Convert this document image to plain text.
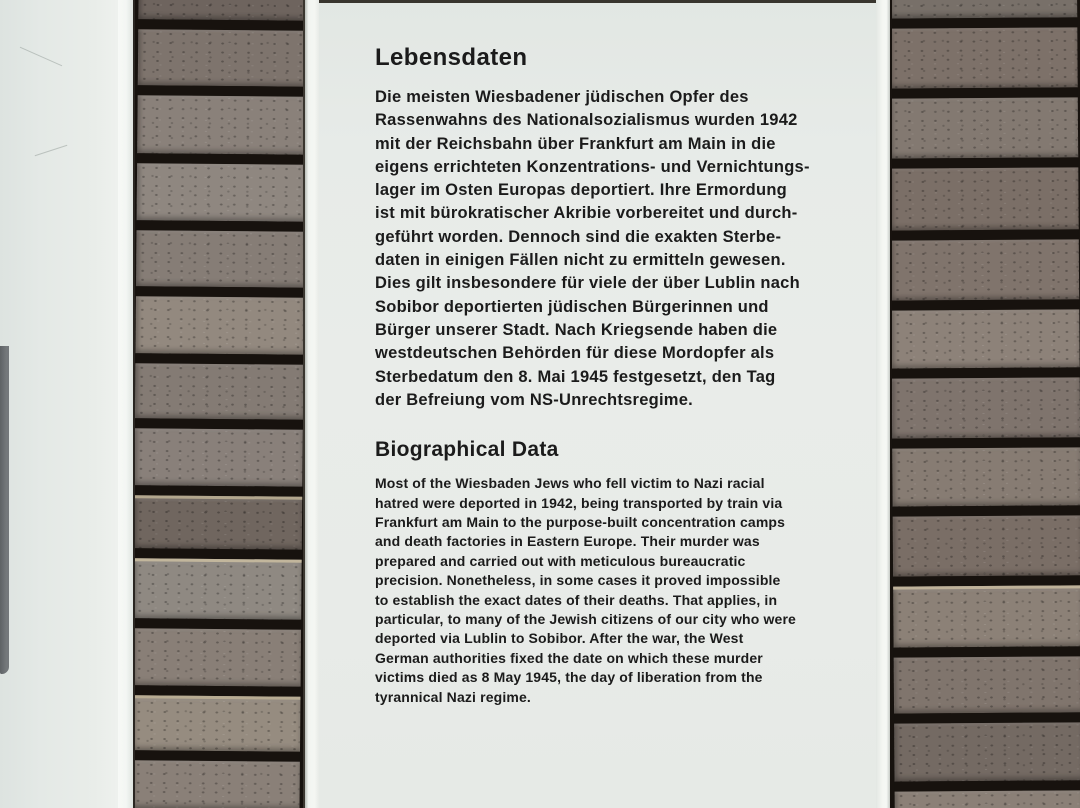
Lebensdaten
Die meisten Wiesbadener jüdischen Opfer des
Rassenwahns des Nationalsozialismus wurden 1942
mit der Reichsbahn über Frankfurt am Main in die
eigens errichteten Konzentrations- und Vernichtungs-
lager im Osten Europas deportiert. Ihre Ermordung
ist mit bürokratischer Akribie vorbereitet und durch-
geführt worden. Dennoch sind die exakten Sterbe-
daten in einigen Fällen nicht zu ermitteln gewesen.
Dies gilt insbesondere für viele der über Lublin nach
Sobibor deportierten jüdischen Bürgerinnen und
Bürger unserer Stadt. Nach Kriegsende haben die
westdeutschen Behörden für diese Mordopfer als
Sterbedatum den 8. Mai 1945 festgesetzt, den Tag
der Befreiung vom NS-Unrechtsregime.
Biographical Data
Most of the Wiesbaden Jews who fell victim to Nazi racial
hatred were deported in 1942, being transported by train via
Frankfurt am Main to the purpose-built concentration camps
and death factories in Eastern Europe. Their murder was
prepared and carried out with meticulous bureaucratic
precision. Nonetheless, in some cases it proved impossible
to establish the exact dates of their deaths. That applies, in
particular, to many of the Jewish citizens of our city who were
deported via Lublin to Sobibor. After the war, the West
German authorities fixed the date on which these murder
victims died as 8 May 1945, the day of liberation from the
tyrannical Nazi regime.
